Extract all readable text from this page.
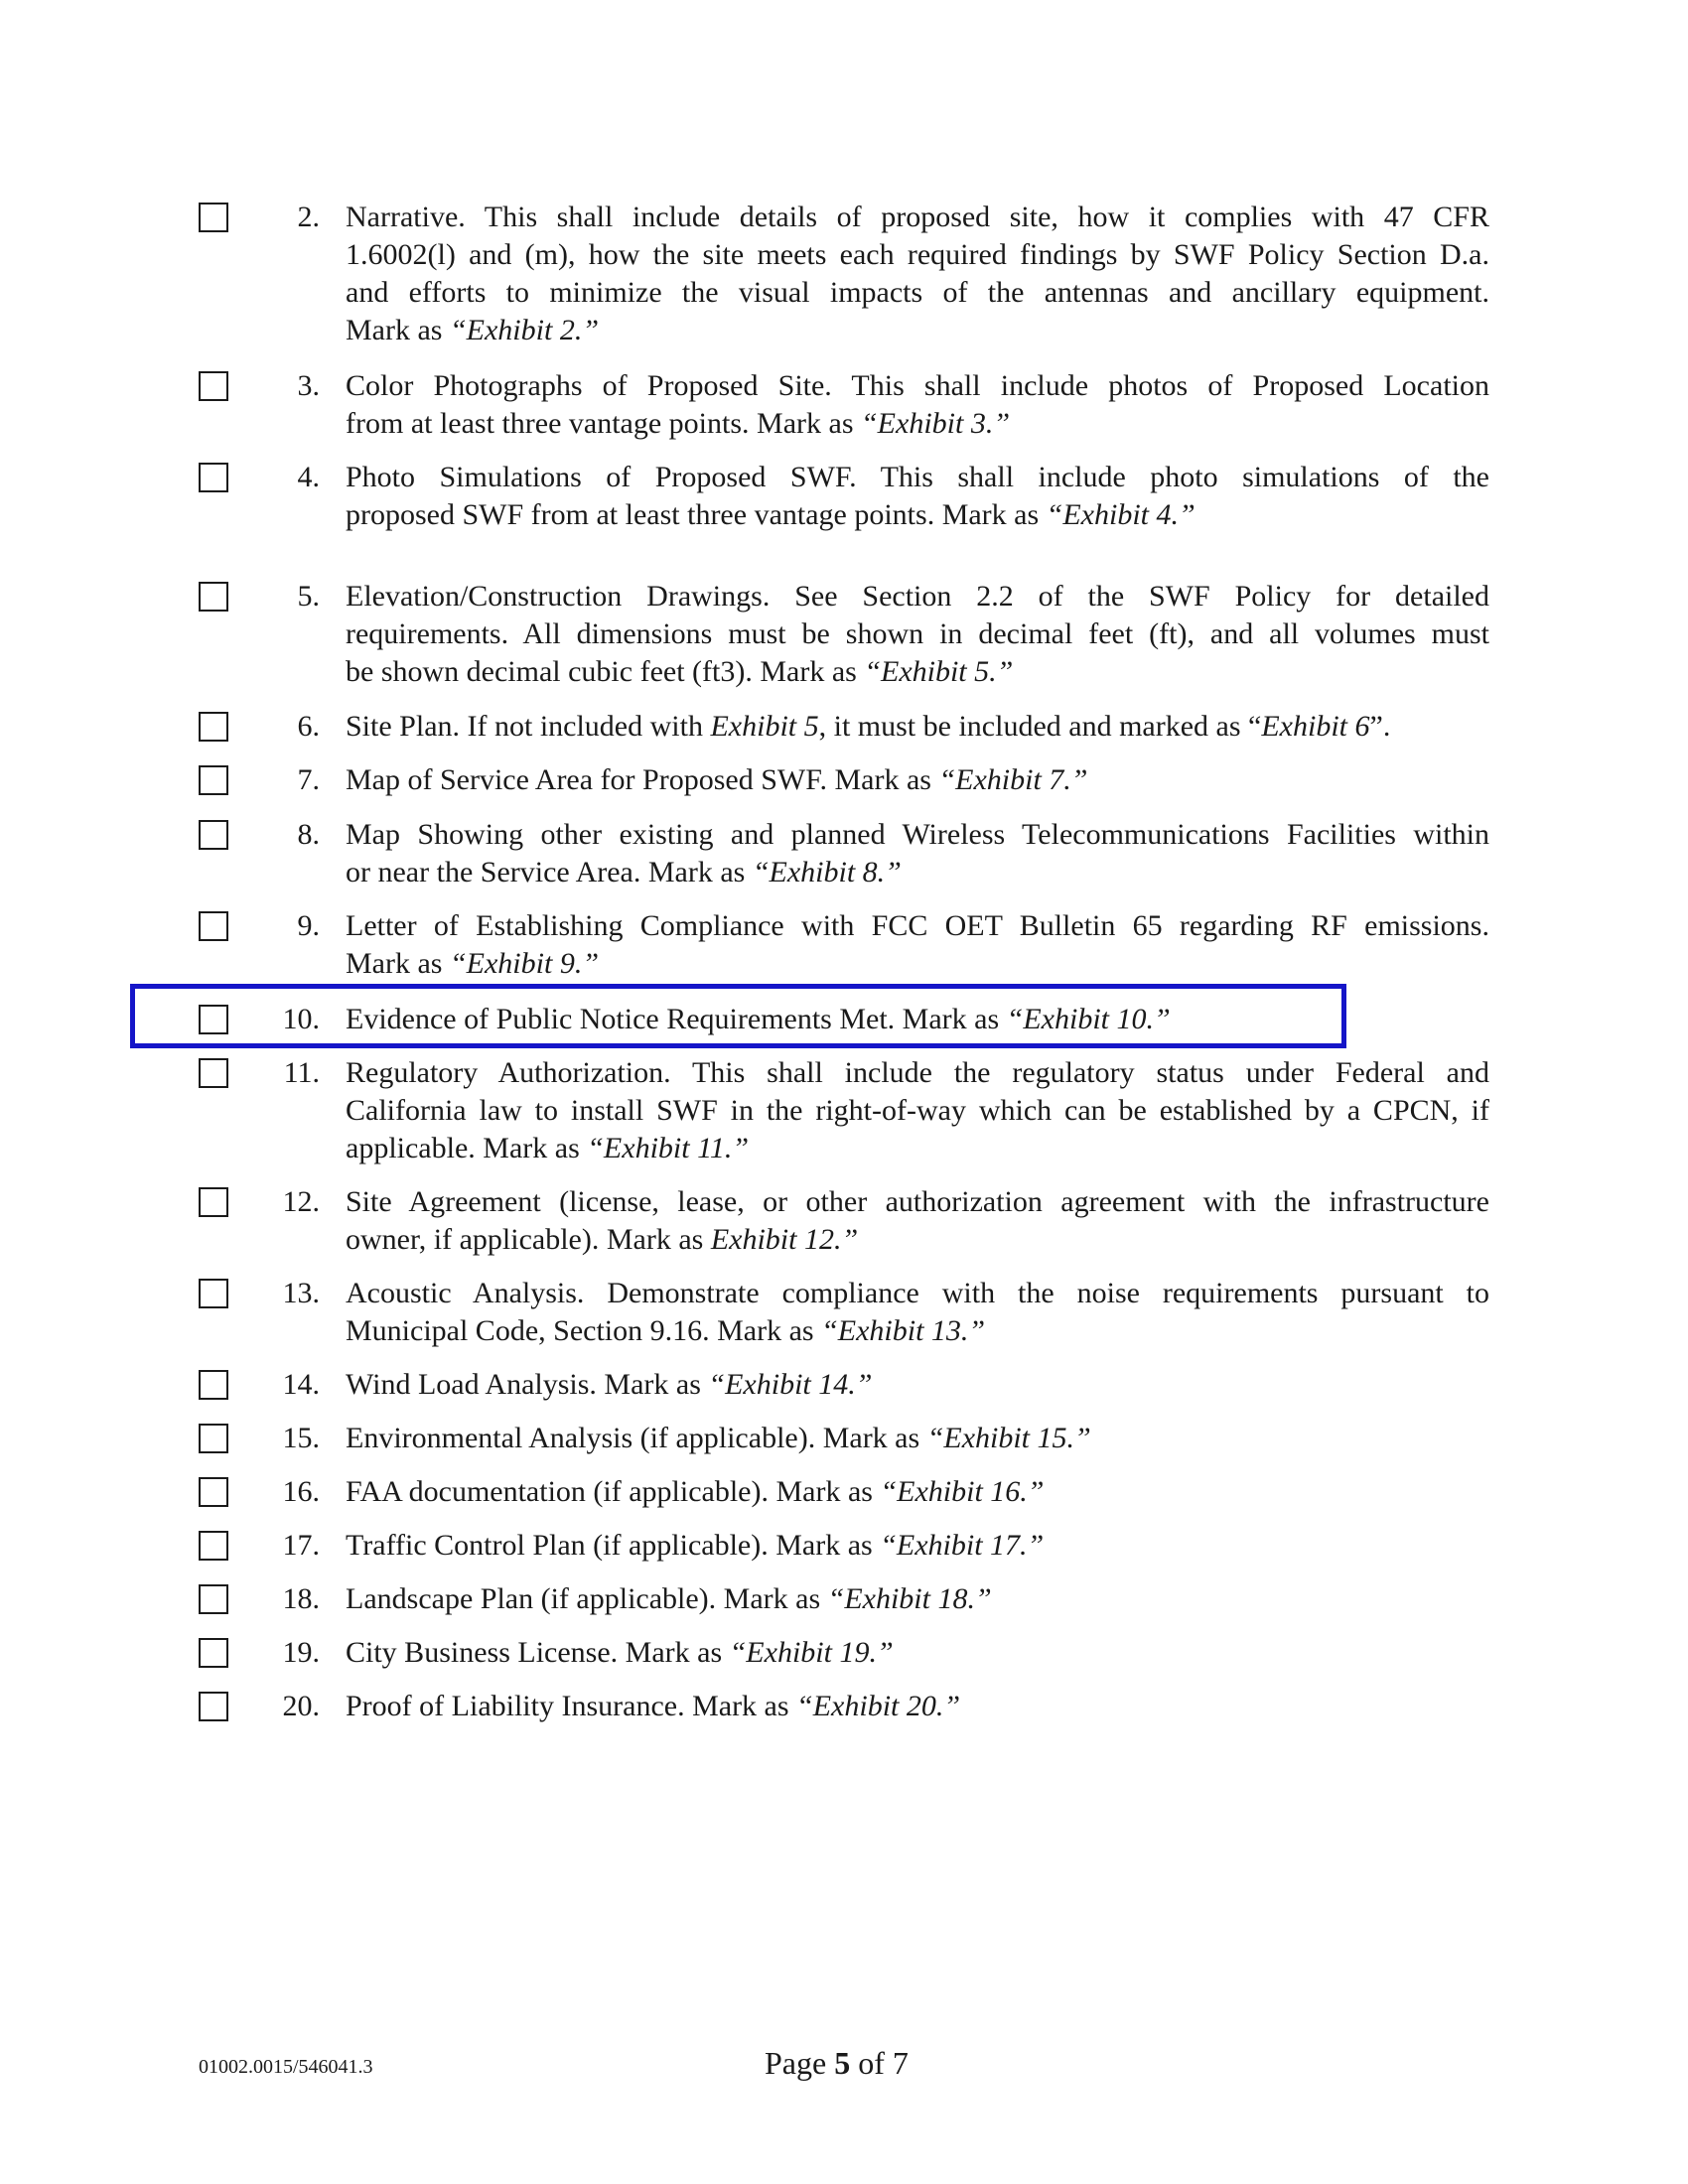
2. Narrative. This shall include details of proposed site, how it complies with 47 CFR
1.6002(l) and (m), how the site meets each required findings by SWF Policy Section D.a.
and efforts to minimize the visual impacts of the antennas and ancillary equipment.
Mark as “Exhibit 2.”
3. Color Photographs of Proposed Site. This shall include photos of Proposed Location
from at least three vantage points. Mark as “Exhibit 3.”
4. Photo Simulations of Proposed SWF. This shall include photo simulations of the
proposed SWF from at least three vantage points. Mark as “Exhibit 4.”
5. Elevation/Construction Drawings. See Section 2.2 of the SWF Policy for detailed
requirements. All dimensions must be shown in decimal feet (ft), and all volumes must
be shown decimal cubic feet (ft3). Mark as “Exhibit 5.”
6. Site Plan. If not included with Exhibit 5, it must be included and marked as “Exhibit 6”.
7. Map of Service Area for Proposed SWF. Mark as “Exhibit 7.”
8. Map Showing other existing and planned Wireless Telecommunications Facilities within
or near the Service Area. Mark as “Exhibit 8.”
9. Letter of Establishing Compliance with FCC OET Bulletin 65 regarding RF emissions.
Mark as “Exhibit 9.”
10. Evidence of Public Notice Requirements Met. Mark as “Exhibit 10.”
11. Regulatory Authorization. This shall include the regulatory status under Federal and
California law to install SWF in the right-of-way which can be established by a CPCN, if
applicable. Mark as “Exhibit 11.”
12. Site Agreement (license, lease, or other authorization agreement with the infrastructure
owner, if applicable). Mark as Exhibit 12.”
13. Acoustic Analysis. Demonstrate compliance with the noise requirements pursuant to
Municipal Code, Section 9.16. Mark as “Exhibit 13.”
14. Wind Load Analysis. Mark as “Exhibit 14.”
15. Environmental Analysis (if applicable). Mark as “Exhibit 15.”
16. FAA documentation (if applicable). Mark as “Exhibit 16.”
17. Traffic Control Plan (if applicable). Mark as “Exhibit 17.”
18. Landscape Plan (if applicable). Mark as “Exhibit 18.”
19. City Business License. Mark as “Exhibit 19.”
20. Proof of Liability Insurance. Mark as “Exhibit 20.”
01002.0015/546041.3	Page 5 of 7
